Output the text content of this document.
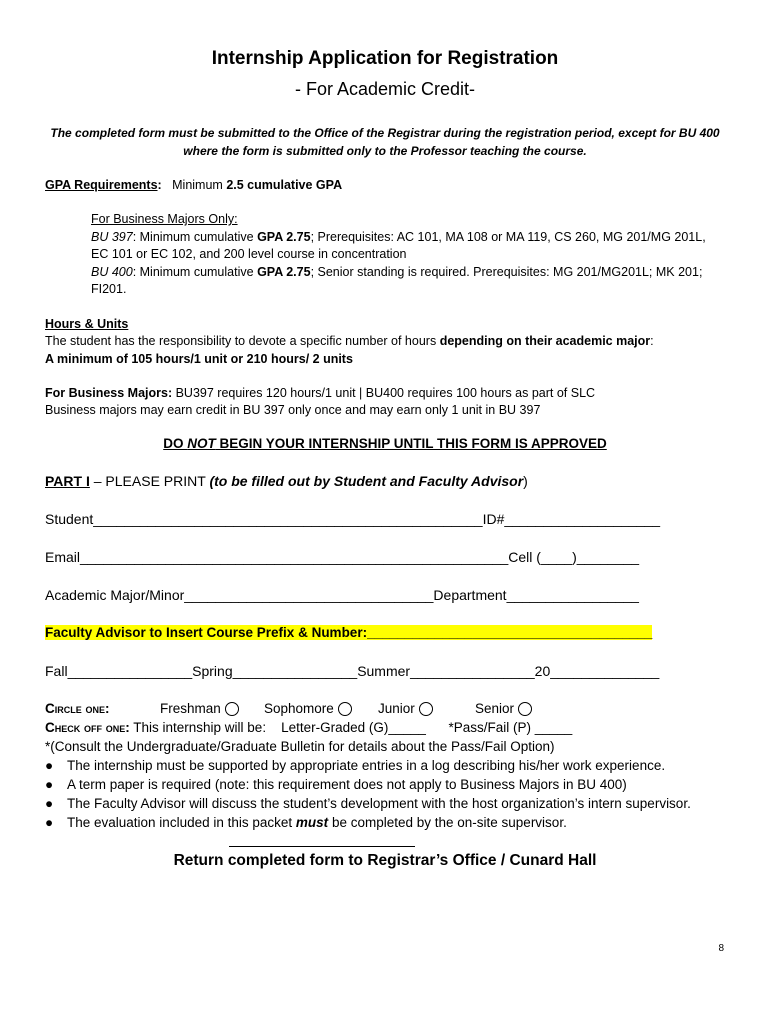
Internship Application for Registration
- For Academic Credit-
The completed form must be submitted to the Office of the Registrar during the registration period, except for BU 400
where the form is submitted only to the Professor teaching the course.
GPA Requirements: Minimum 2.5 cumulative GPA
For Business Majors Only:
BU 397: Minimum cumulative GPA 2.75; Prerequisites: AC 101, MA 108 or MA 119, CS 260, MG 201/MG 201L,
EC 101 or EC 102, and 200 level course in concentration
BU 400: Minimum cumulative GPA 2.75; Senior standing is required. Prerequisites: MG 201/MG201L; MK 201;
FI201.
Hours & Units
The student has the responsibility to devote a specific number of hours depending on their academic major:
A minimum of 105 hours/1 unit or 210 hours/ 2 units
For Business Majors: BU397 requires 120 hours/1 unit | BU400 requires 100 hours as part of SLC
Business majors may earn credit in BU 397 only once and may earn only 1 unit in BU 397
DO NOT BEGIN YOUR INTERNSHIP UNTIL THIS FORM IS APPROVED
PART I – PLEASE PRINT (to be filled out by Student and Faculty Advisor)
Student__________________________________________________ID#____________________
Email_______________________________________________________Cell (____)________
Academic Major/Minor________________________________Department_________________
Faculty Advisor to Insert Course Prefix & Number:______________________________________
Fall________________Spring________________Summer________________20______________
Circle one:	Freshman	Sophomore	Junior	Senior
Check off one: This internship will be: Letter-Graded (G)_____ *Pass/Fail (P) _____
*(Consult the Undergraduate/Graduate Bulletin for details about the Pass/Fail Option)
● The internship must be supported by appropriate entries in a log describing his/her work experience.
● A term paper is required (note: this requirement does not apply to Business Majors in BU 400)
● The Faculty Advisor will discuss the student’s development with the host organization’s intern supervisor.
● The evaluation included in this packet must be completed by the on-site supervisor.
Return completed form to Registrar’s Office / Cunard Hall
8
